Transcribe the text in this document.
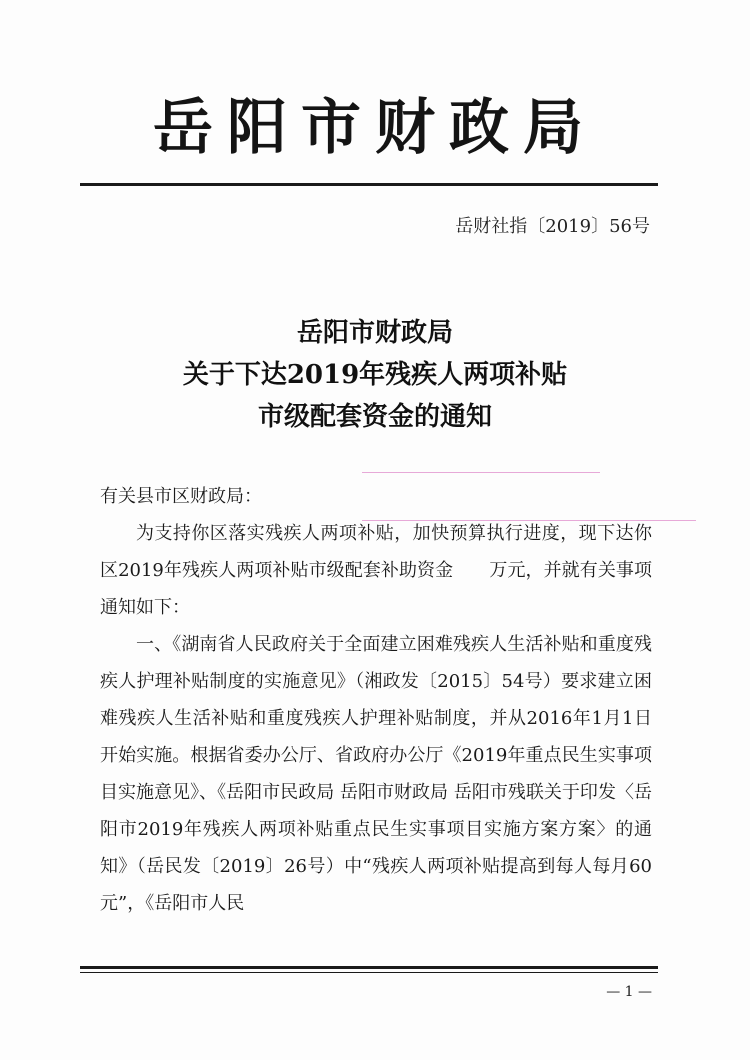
岳阳市财政局
岳财社指〔2019〕56号
岳阳市财政局
关于下达2019年残疾人两项补贴
市级配套资金的通知

有关县市区财政局：

为支持你区落实残疾人两项补贴，加快预算执行进度，现下达你区2019年残疾人两项补贴市级配套补助资金　　万元，并就有关事项通知如下：

一、《湖南省人民政府关于全面建立困难残疾人生活补贴和重度残疾人护理补贴制度的实施意见》（湘政发〔2015〕54号）要求建立困难残疾人生活补贴和重度残疾人护理补贴制度，并从2016年1月1日开始实施。根据省委办公厅、省政府办公厅《2019年重点民生实事项目实施意见》、《岳阳市民政局 岳阳市财政局 岳阳市残联关于印发〈岳阳市2019年残疾人两项补贴重点民生实事项目实施方案方案〉的通知》（岳民发〔2019〕26号）中“残疾人两项补贴提高到每人每月60元”，《岳阳市人民

— 1 —
